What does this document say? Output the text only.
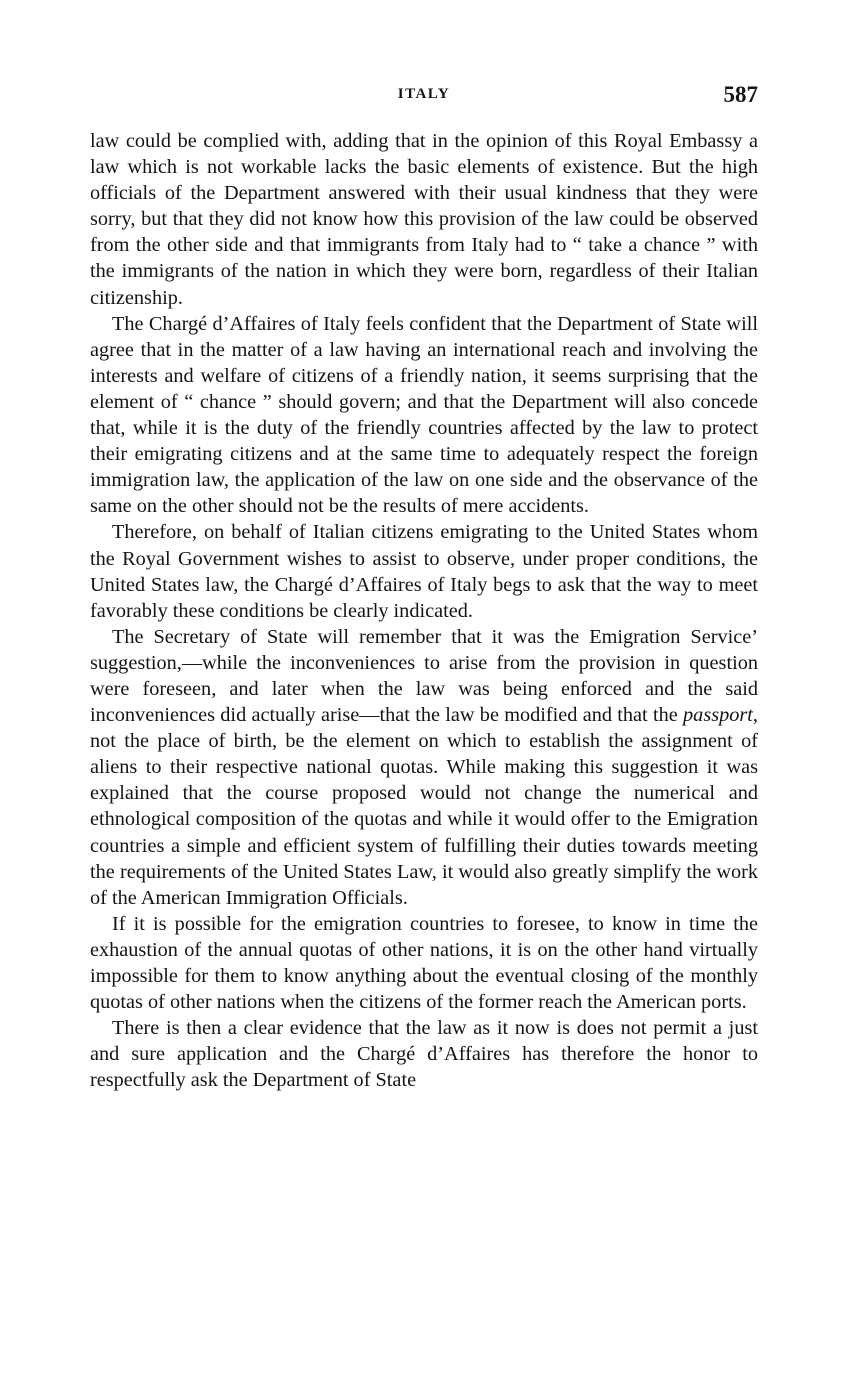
ITALY	587

law could be complied with, adding that in the opinion of this Royal Embassy a law which is not workable lacks the basic elements of existence. But the high officials of the Department answered with their usual kindness that they were sorry, but that they did not know how this provision of the law could be observed from the other side and that immigrants from Italy had to “ take a chance ” with the immigrants of the nation in which they were born, regardless of their Italian citizenship.

The Chargé d’Affaires of Italy feels confident that the Department of State will agree that in the matter of a law having an international reach and involving the interests and welfare of citizens of a friendly nation, it seems surprising that the element of “ chance ” should govern; and that the Department will also concede that, while it is the duty of the friendly countries affected by the law to protect their emigrating citizens and at the same time to adequately respect the foreign immigration law, the application of the law on one side and the observance of the same on the other should not be the results of mere accidents.

Therefore, on behalf of Italian citizens emigrating to the United States whom the Royal Government wishes to assist to observe, under proper conditions, the United States law, the Chargé d’Affaires of Italy begs to ask that the way to meet favorably these conditions be clearly indicated.

The Secretary of State will remember that it was the Emigration Service’ suggestion,—while the inconveniences to arise from the provision in question were foreseen, and later when the law was being enforced and the said inconveniences did actually arise—that the law be modified and that the passport, not the place of birth, be the element on which to establish the assignment of aliens to their respective national quotas. While making this suggestion it was explained that the course proposed would not change the numerical and ethnological composition of the quotas and while it would offer to the Emigration countries a simple and efficient system of fulfilling their duties towards meeting the requirements of the United States Law, it would also greatly simplify the work of the American Immigration Officials.

If it is possible for the emigration countries to foresee, to know in time the exhaustion of the annual quotas of other nations, it is on the other hand virtually impossible for them to know anything about the eventual closing of the monthly quotas of other nations when the citizens of the former reach the American ports.

There is then a clear evidence that the law as it now is does not permit a just and sure application and the Chargé d’Affaires has therefore the honor to respectfully ask the Department of State
